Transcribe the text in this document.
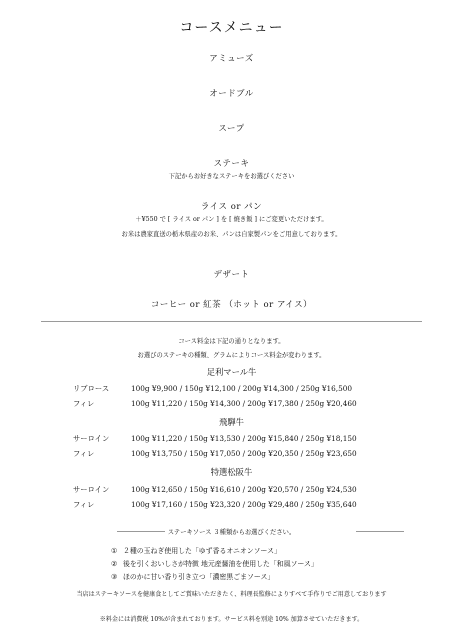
コースメニュー
アミューズ
オードブル
スープ
ステーキ
下記からお好きなステーキをお選びください
ライス or パン
＋¥550 で [ ライス or パン ] を [ 焼き飯 ] にご変更いただけます。
お米は農家直送の栃木県産のお米、パンは自家製パンをご用意しております。
デザート
コーヒー or 紅茶 （ホット or アイス）
コース料金は下記の通りとなります。
お選びのステーキの種類、グラムによりコース料金が変わります。
足利マール牛
リブロース	100g ¥9,900 / 150g ¥12,100 / 200g ¥14,300 / 250g ¥16,500
フィレ	100g ¥11,220 / 150g ¥14,300 / 200g ¥17,380 / 250g ¥20,460
飛騨牛
サーロイン	100g ¥11,220 / 150g ¥13,530 / 200g ¥15,840 / 250g ¥18,150
フィレ	100g ¥13,750 / 150g ¥17,050 / 200g ¥20,350 / 250g ¥23,650
特選松阪牛
サーロイン	100g ¥12,650 / 150g ¥16,610 / 200g ¥20,570 / 250g ¥24,530
フィレ	100g ¥17,160 / 150g ¥23,320 / 200g ¥29,480 / 250g ¥35,640
ステーキソース ３種類からお選びください。
① ２種の玉ねぎ使用した「ゆず香るオニオンソース」
② 後を引くおいしさが特徴 地元産醤油を使用した「和風ソース」
③ ほのかに甘い香り引き立つ「濃密黒ごまソース」
当店はステーキソースを健康食としてご賞味いただきたく、料理長監修によりすべて手作りでご用意しております
※料金には消費税 10%が含まれております。サービス料を別途 10% 加算させていただきます。
